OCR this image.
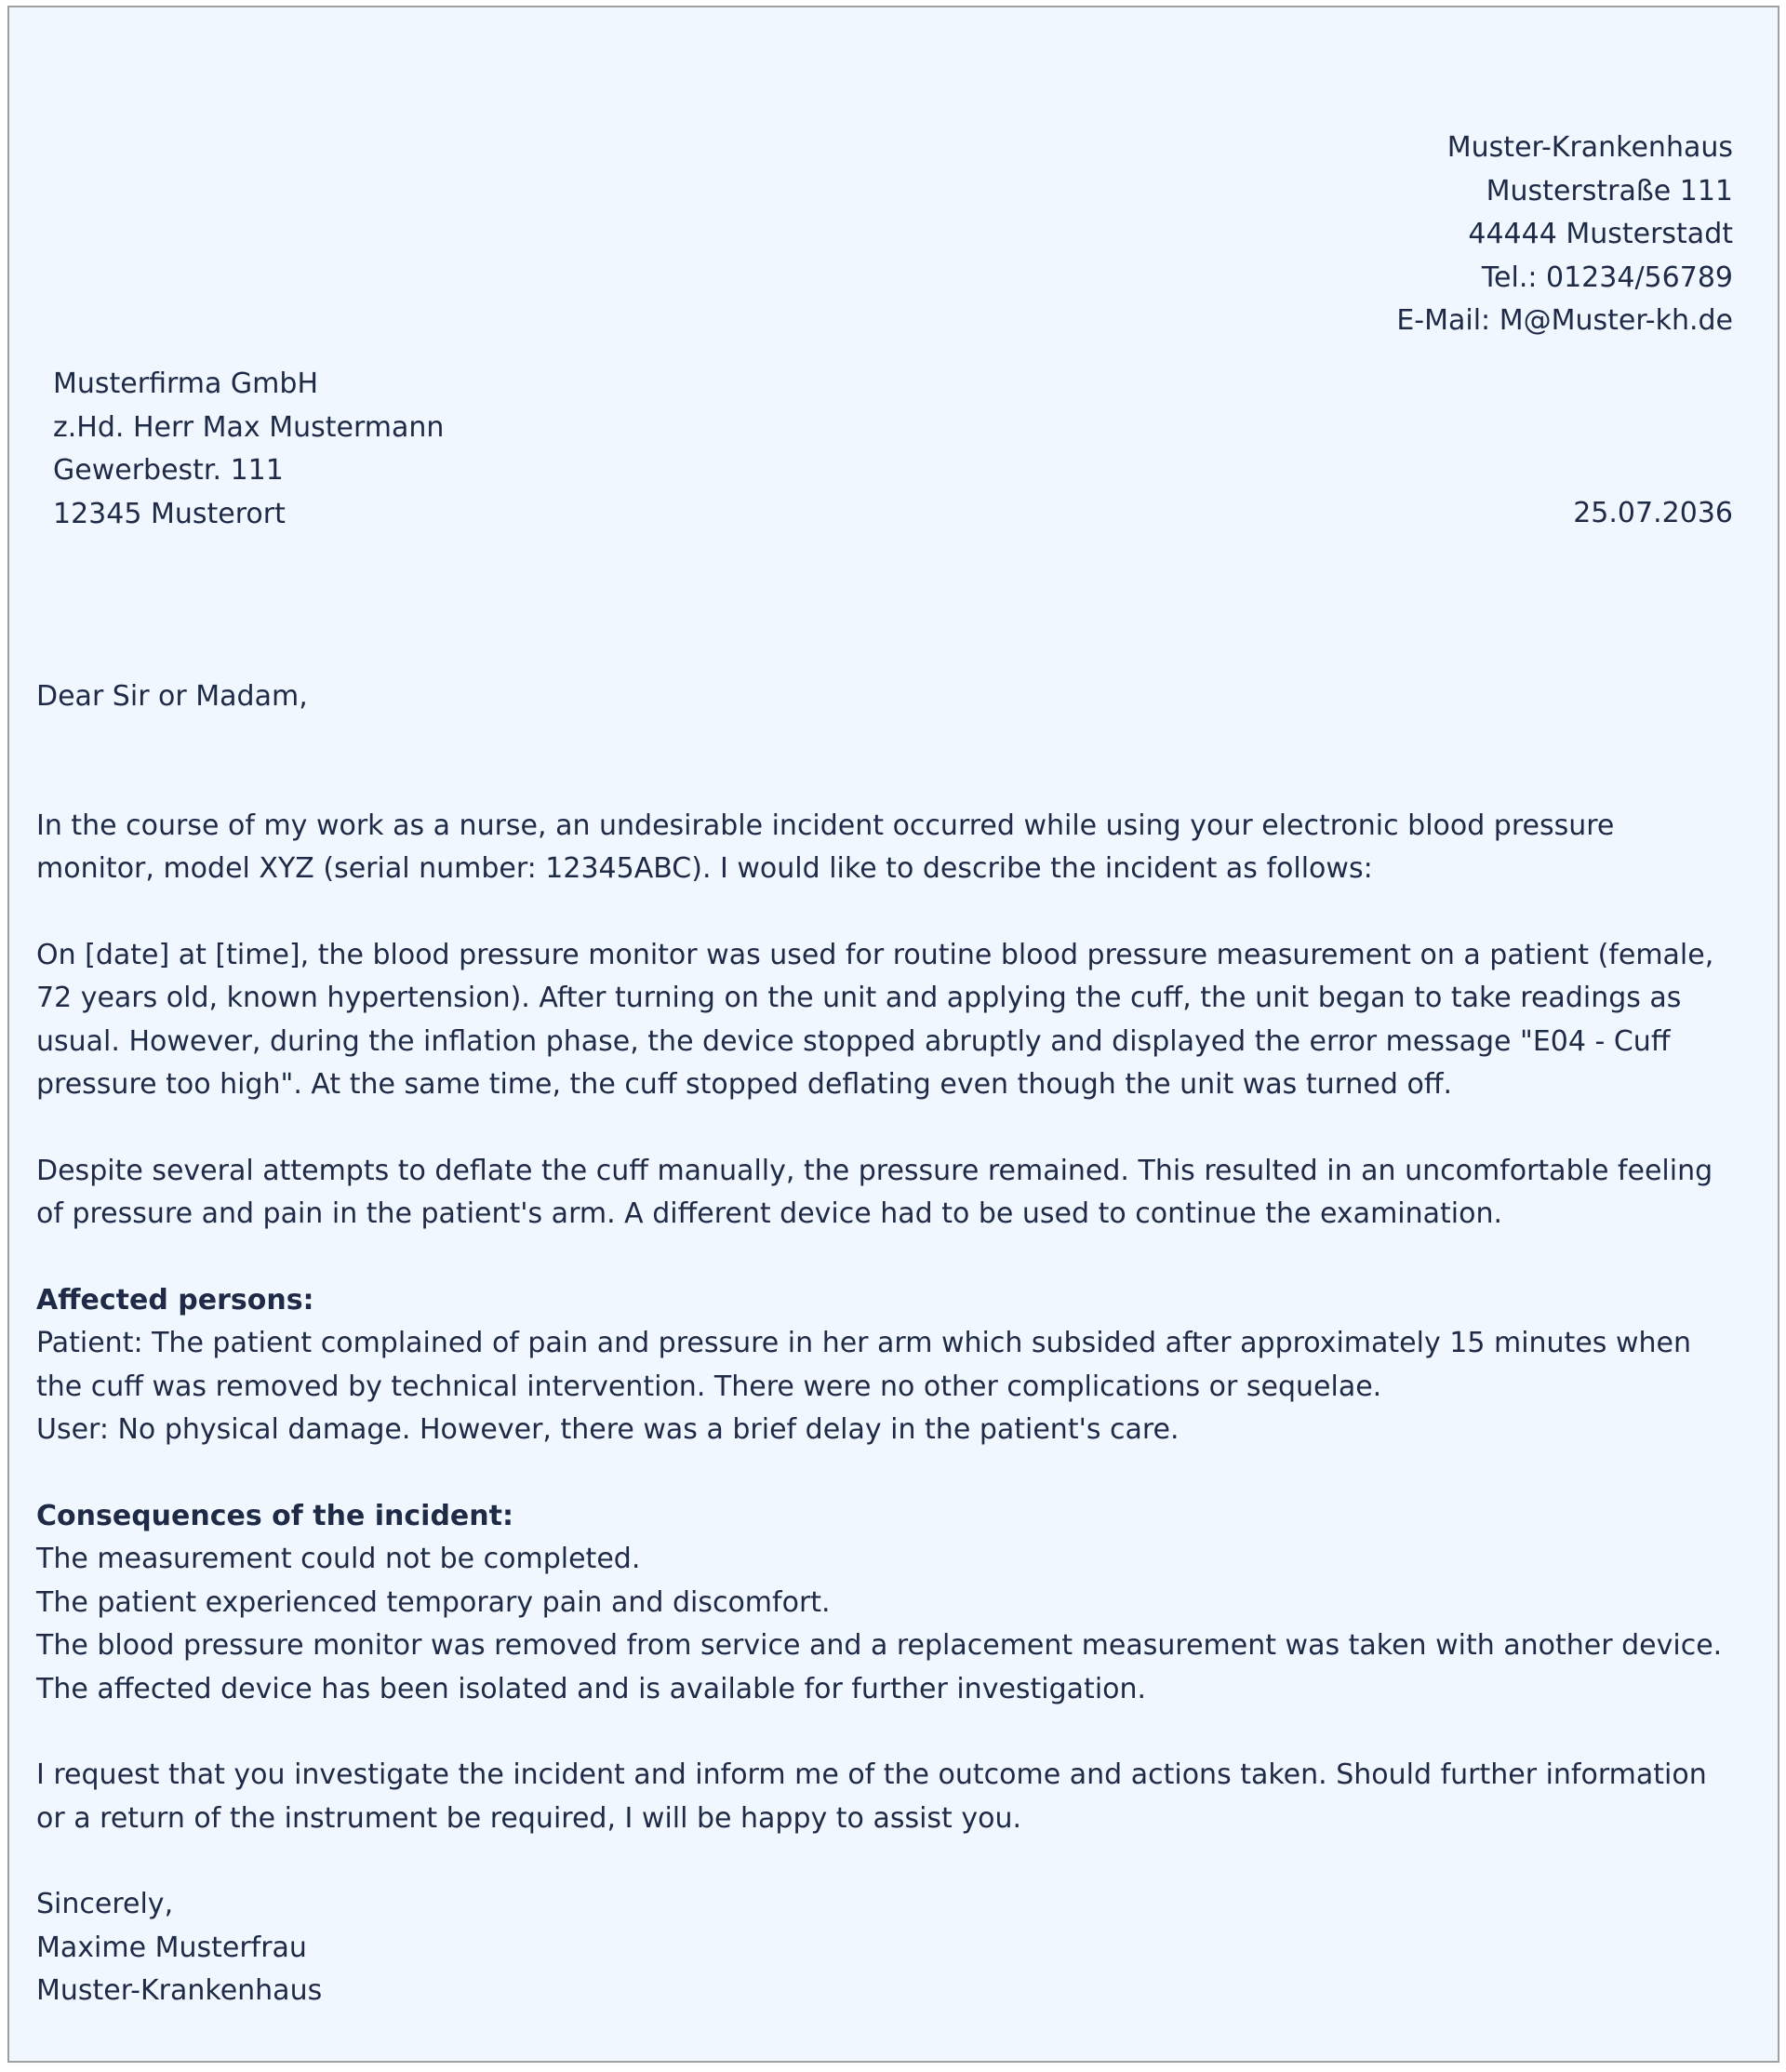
Muster-Krankenhaus
Musterstraße 111
44444 Musterstadt
Tel.: 01234/56789
E-Mail: M@Muster-kh.de
Musterfirma GmbH
z.Hd. Herr Max Mustermann
Gewerbestr. 111
12345 Musterort	25.07.2036

Dear Sir or Madam,

In the course of my work as a nurse, an undesirable incident occurred while using your electronic blood pressure
monitor, model XYZ (serial number: 12345ABC). I would like to describe the incident as follows:
On [date] at [time], the blood pressure monitor was used for routine blood pressure measurement on a patient (female,
72 years old, known hypertension). After turning on the unit and applying the cuff, the unit began to take readings as
usual. However, during the inflation phase, the device stopped abruptly and displayed the error message "E04 - Cuff
pressure too high". At the same time, the cuff stopped deflating even though the unit was turned off.
Despite several attempts to deflate the cuff manually, the pressure remained. This resulted in an uncomfortable feeling
of pressure and pain in the patient's arm. A different device had to be used to continue the examination.
Affected persons:
Patient: The patient complained of pain and pressure in her arm which subsided after approximately 15 minutes when
the cuff was removed by technical intervention. There were no other complications or sequelae.
User: No physical damage. However, there was a brief delay in the patient's care.
Consequences of the incident:
The measurement could not be completed.
The patient experienced temporary pain and discomfort.
The blood pressure monitor was removed from service and a replacement measurement was taken with another device.
The affected device has been isolated and is available for further investigation.
I request that you investigate the incident and inform me of the outcome and actions taken. Should further information
or a return of the instrument be required, I will be happy to assist you.
Sincerely,
Maxime Musterfrau
Muster-Krankenhaus
